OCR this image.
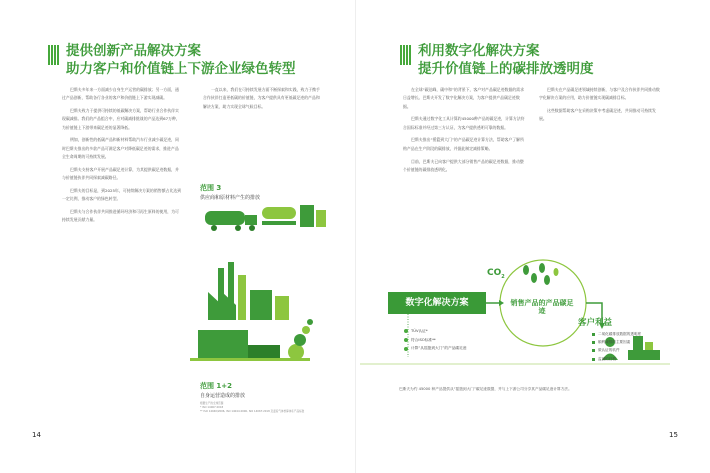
提供创新产品解决方案
助力客户和价值链上下游企业绿色转型

巴斯夫多年来一方面减少自身生产运营的碳排放；另一方面，通过产品创新，帮助各行各业的客户和价值链上下游实现减碳。

巴斯夫致力于提供可持续的低碳解决方案，帮助行业合作伙伴实现碳减排。我们的产品组合中，应对碳减排挑战的产品达到67万种，为价值链上下游带来碳足迹的显著降低。

例如，创新性的低碳产品和新材料帮助汽车行业减少碳足迹，同时巴斯夫推出的多款产品可满足客户对降低碳足迹的需求，推进产品全生命周期的可持续发展。

巴斯夫支持客户开展产品碳足迹计算，为其提供碳足迹数据，并与价值链伙伴共同探索减碳路径。

巴斯夫的目标是，到2025年，可持续解决方案的销售额占比达到一定比例，推动客户的绿色转型。

巴斯夫与合作伙伴共同推进循环经济和可再生原料的使用，为可持续发展贡献力量。

一直以来，我们在可持续发展方面不断探索和实践，致力于携手合作伙伴打造更低碳的价值链，为客户提供具有更低碳足迹的产品和解决方案，助力实现全球气候目标。

范围 3
供应商和原材料产生的排放
范围 1+2
自身运营造成的排放
根据生产的全球范围
* ISO 14067:2018
** ISO 14040/2006, ISO 14044:2006, ISO 14067:2018 及温室气体核算体系产品标准
14
利用数字化解决方案
提升价值链上的碳排放透明度

在全球“碳达峰，碳中和”的背景下，客户对产品碳足迹数据的需求日益增长。巴斯夫开发了数字化解决方案，为客户提供产品碳足迹数据。

巴斯夫通过数字化工具计算约45000种产品的碳足迹，计算方法符合国际标准并经过第三方认证，为客户提供透明可靠的数据。

巴斯夫推出“摇篮到大门”的产品碳足迹计算方法，帮助客户了解所购产品在生产阶段的碳排放，并据此制定减排策略。

目前，巴斯夫已向客户提供大部分销售产品的碳足迹数据，推动整个价值链的碳排放透明化。

巴斯夫在产品碳足迹领域持续创新，与客户及合作伙伴共同推动数字化解决方案的应用，助力价值链实现碳减排目标。

这些数据帮助客户在采购决策中考虑碳足迹，共同推动可持续发展。

数字化解决方案
$CO_2$
销售产品的产品碳足迹
TÜV认证*
符合ISO标准**
计算“从摇篮到大门”的产品碳足迹
客户利益
二氧化碳排放数据的透明度
顺利减排的主要因素
做认证的软件
监测的归档
巴斯夫为约 45000 种产品提供从“摇篮到大门”碳足迹数据，并与上下游公司分享其产品碳足迹计算方法。
15
